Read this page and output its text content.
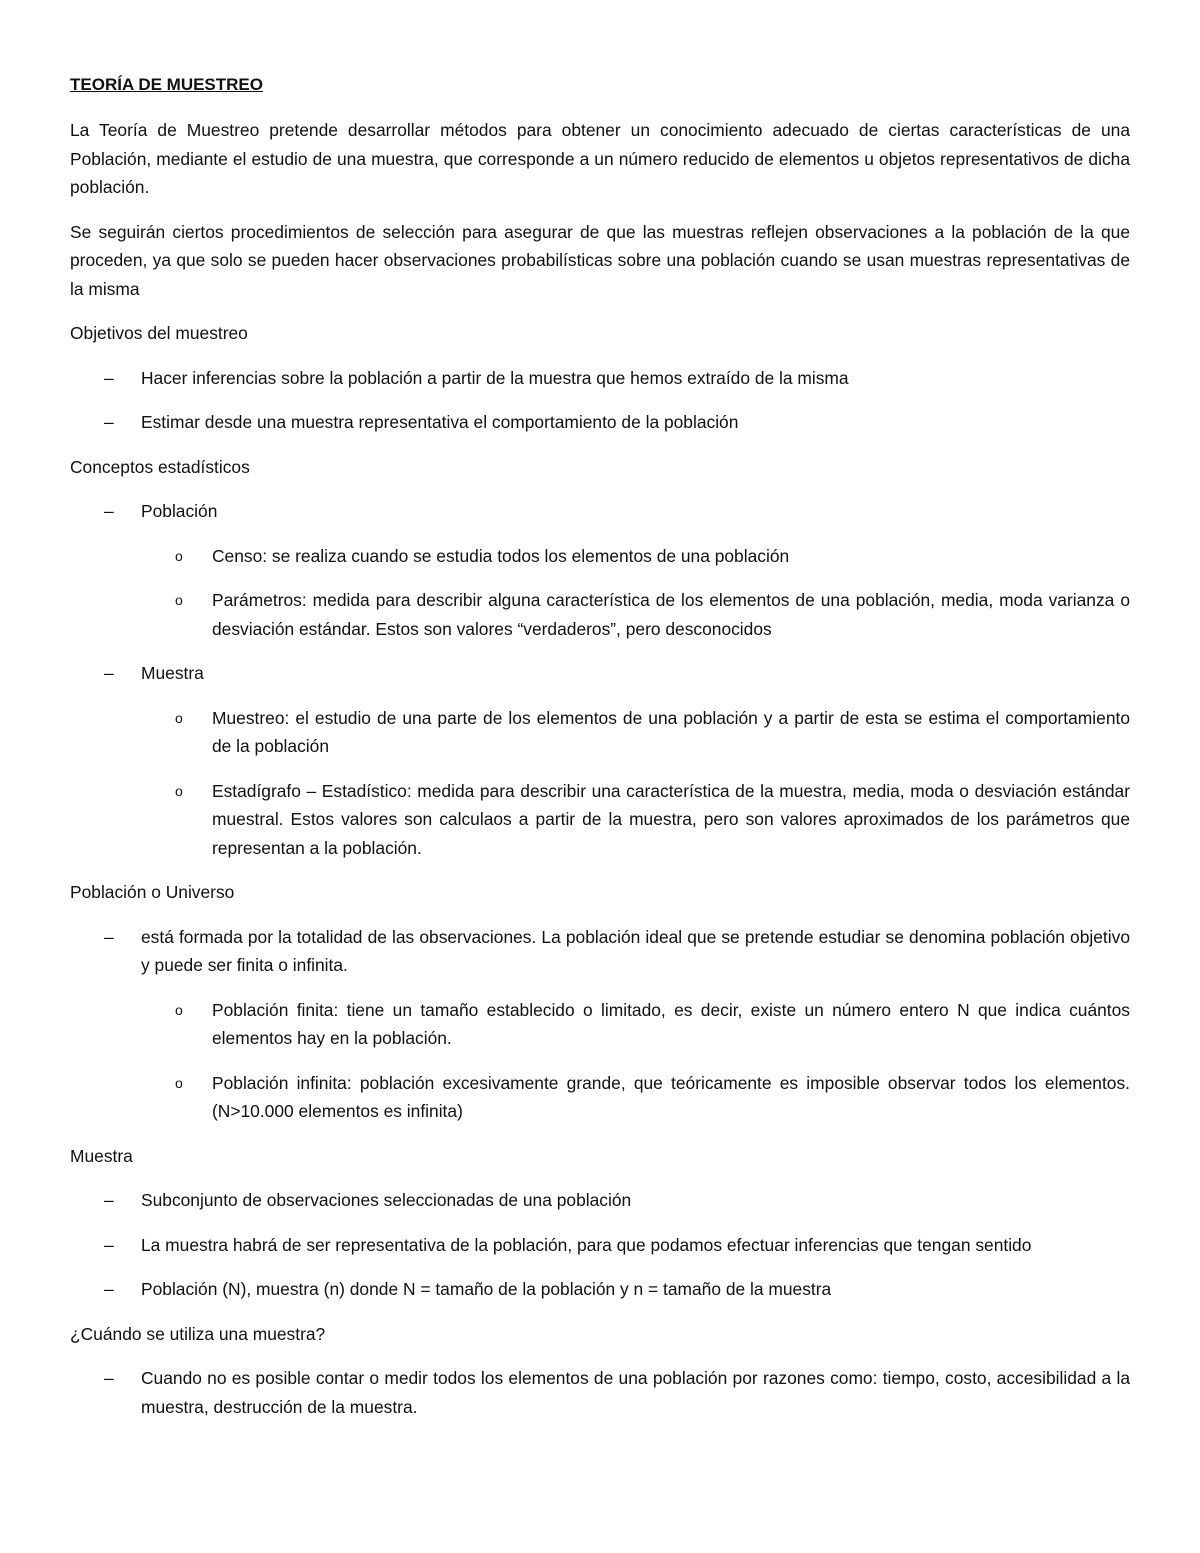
TEORÍA DE MUESTREO

La Teoría de Muestreo pretende desarrollar métodos para obtener un conocimiento adecuado de ciertas características de una Población, mediante el estudio de una muestra, que corresponde a un número reducido de elementos u objetos representativos de dicha población.

Se seguirán ciertos procedimientos de selección para asegurar de que las muestras reflejen observaciones a la población de la que proceden, ya que solo se pueden hacer observaciones probabilísticas sobre una población cuando se usan muestras representativas de la misma

Objetivos del muestreo
– Hacer inferencias sobre la población a partir de la muestra que hemos extraído de la misma
– Estimar desde una muestra representativa el comportamiento de la población
Conceptos estadísticos
– Población
o Censo: se realiza cuando se estudia todos los elementos de una población
o Parámetros: medida para describir alguna característica de los elementos de una población, media, moda varianza o desviación estándar. Estos son valores “verdaderos”, pero desconocidos
– Muestra
o Muestreo: el estudio de una parte de los elementos de una población y a partir de esta se estima el comportamiento de la población
o Estadígrafo – Estadístico: medida para describir una característica de la muestra, media, moda o desviación estándar muestral. Estos valores son calculaos a partir de la muestra, pero son valores aproximados de los parámetros que representan a la población.
Población o Universo
– está formada por la totalidad de las observaciones. La población ideal que se pretende estudiar se denomina población objetivo y puede ser finita o infinita.
o Población finita: tiene un tamaño establecido o limitado, es decir, existe un número entero N que indica cuántos elementos hay en la población.
o Población infinita: población excesivamente grande, que teóricamente es imposible observar todos los elementos. (N>10.000 elementos es infinita)
Muestra
– Subconjunto de observaciones seleccionadas de una población
– La muestra habrá de ser representativa de la población, para que podamos efectuar inferencias que tengan sentido
– Población (N), muestra (n) donde N = tamaño de la población y n = tamaño de la muestra
¿Cuándo se utiliza una muestra?
– Cuando no es posible contar o medir todos los elementos de una población por razones como: tiempo, costo, accesibilidad a la muestra, destrucción de la muestra.
